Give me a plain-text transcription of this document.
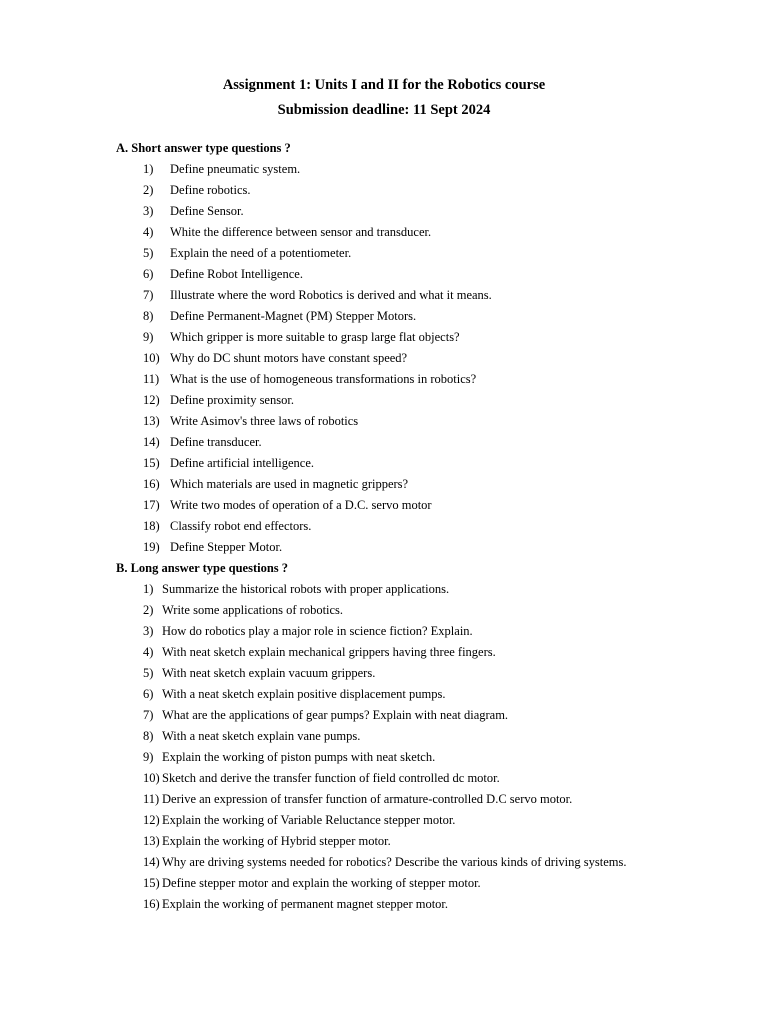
Assignment 1: Units I and II for the Robotics course
Submission deadline: 11 Sept 2024
A. Short answer type questions ?
1) Define pneumatic system.
2) Define robotics.
3) Define Sensor.
4) White the difference between sensor and transducer.
5) Explain the need of a potentiometer.
6) Define Robot Intelligence.
7) Illustrate where the word Robotics is derived and what it means.
8) Define Permanent-Magnet (PM) Stepper Motors.
9) Which gripper is more suitable to grasp large flat objects?
10) Why do DC shunt motors have constant speed?
11) What is the use of homogeneous transformations in robotics?
12) Define proximity sensor.
13) Write Asimov's three laws of robotics
14) Define transducer.
15) Define artificial intelligence.
16) Which materials are used in magnetic grippers?
17) Write two modes of operation of a D.C. servo motor
18) Classify robot end effectors.
19) Define Stepper Motor.
B. Long answer type questions ?
1) Summarize the historical robots with proper applications.
2) Write some applications of robotics.
3) How do robotics play a major role in science fiction? Explain.
4) With neat sketch explain mechanical grippers having three fingers.
5) With neat sketch explain vacuum grippers.
6) With a neat sketch explain positive displacement pumps.
7) What are the applications of gear pumps? Explain with neat diagram.
8) With a neat sketch explain vane pumps.
9) Explain the working of piston pumps with neat sketch.
10) Sketch and derive the transfer function of field controlled dc motor.
11) Derive an expression of transfer function of armature-controlled D.C servo motor.
12) Explain the working of Variable Reluctance stepper motor.
13) Explain the working of Hybrid stepper motor.
14) Why are driving systems needed for robotics? Describe the various kinds of driving systems.
15) Define stepper motor and explain the working of stepper motor.
16) Explain the working of permanent magnet stepper motor.
